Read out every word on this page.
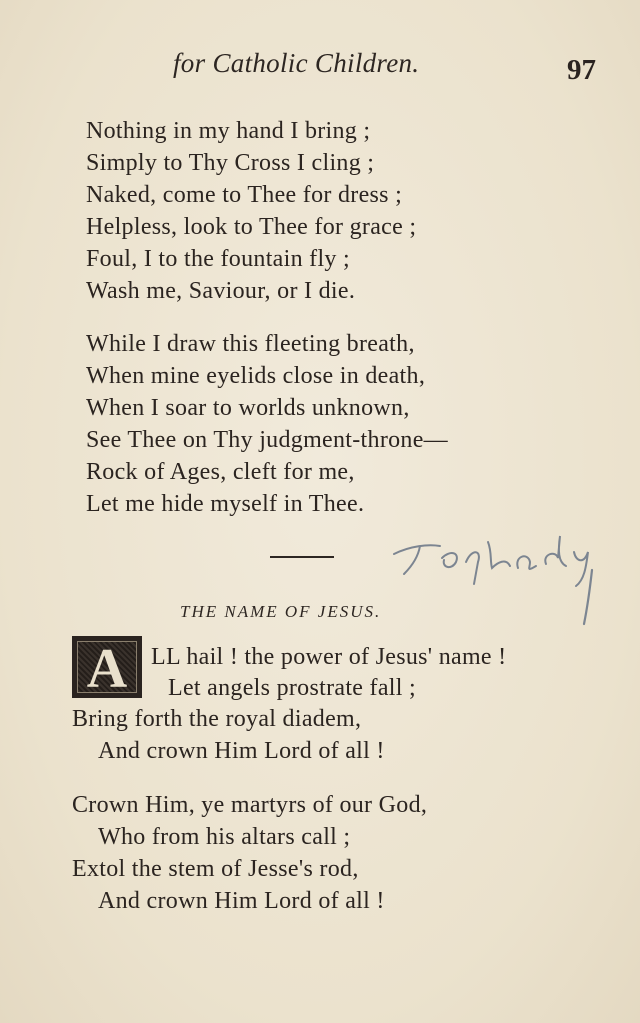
for Catholic Children.	97
Nothing in my hand I bring ;
Simply to Thy Cross I cling ;
Naked, come to Thee for dress ;
Helpless, look to Thee for grace ;
Foul, I to the fountain fly ;
Wash me, Saviour, or I die.
While I draw this fleeting breath,
When mine eyelids close in death,
When I soar to worlds unknown,
See Thee on Thy judgment-throne—
Rock of Ages, cleft for me,
Let me hide myself in Thee.
THE NAME OF JESUS.
A LL hail ! the power of Jesus' name !
Let angels prostrate fall ;
Bring forth the royal diadem,
And crown Him Lord of all !
Crown Him, ye martyrs of our God,
Who from his altars call ;
Extol the stem of Jesse's rod,
And crown Him Lord of all !
